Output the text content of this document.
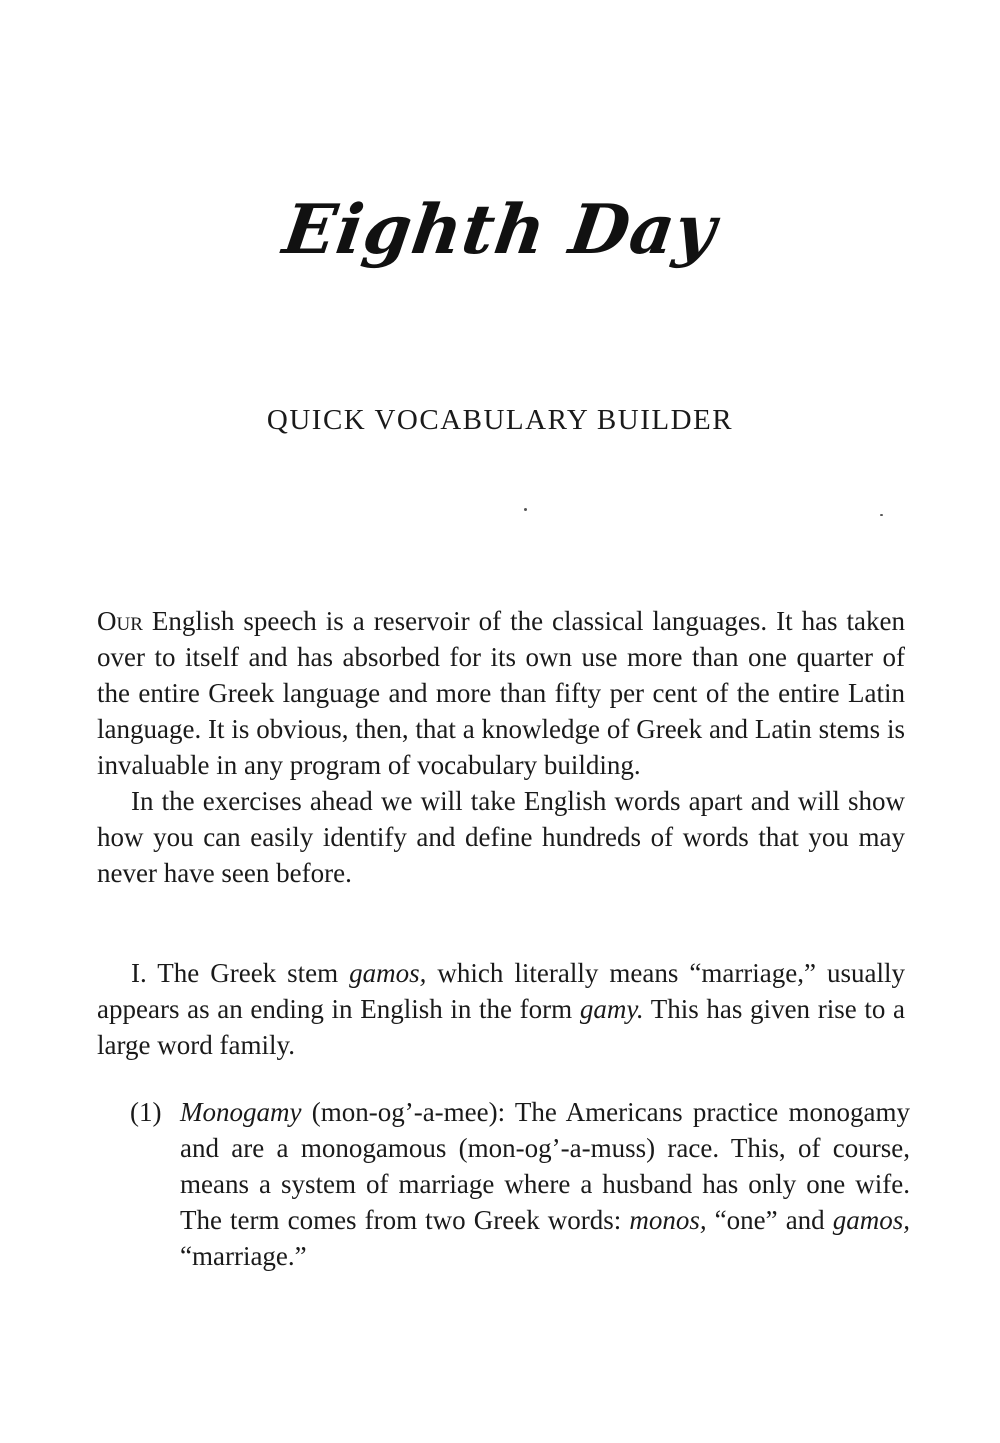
Eighth Day
QUICK VOCABULARY BUILDER

Our English speech is a reservoir of the classical languages. It has taken over to itself and has absorbed for its own use more than one quarter of the entire Greek language and more than fifty per cent of the entire Latin language. It is obvious, then, that a knowledge of Greek and Latin stems is invaluable in any program of vocabulary building.

In the exercises ahead we will take English words apart and will show how you can easily identify and define hundreds of words that you may never have seen before.

I. The Greek stem gamos, which literally means “marriage,” usually appears as an ending in English in the form gamy. This has given rise to a large word family.

(1) Monogamy (mon-og’-a-mee): The Americans practice monogamy and are a monogamous (mon-og’-a-muss) race. This, of course, means a system of marriage where a husband has only one wife. The term comes from two Greek words: monos, “one” and gamos, “marriage.”
